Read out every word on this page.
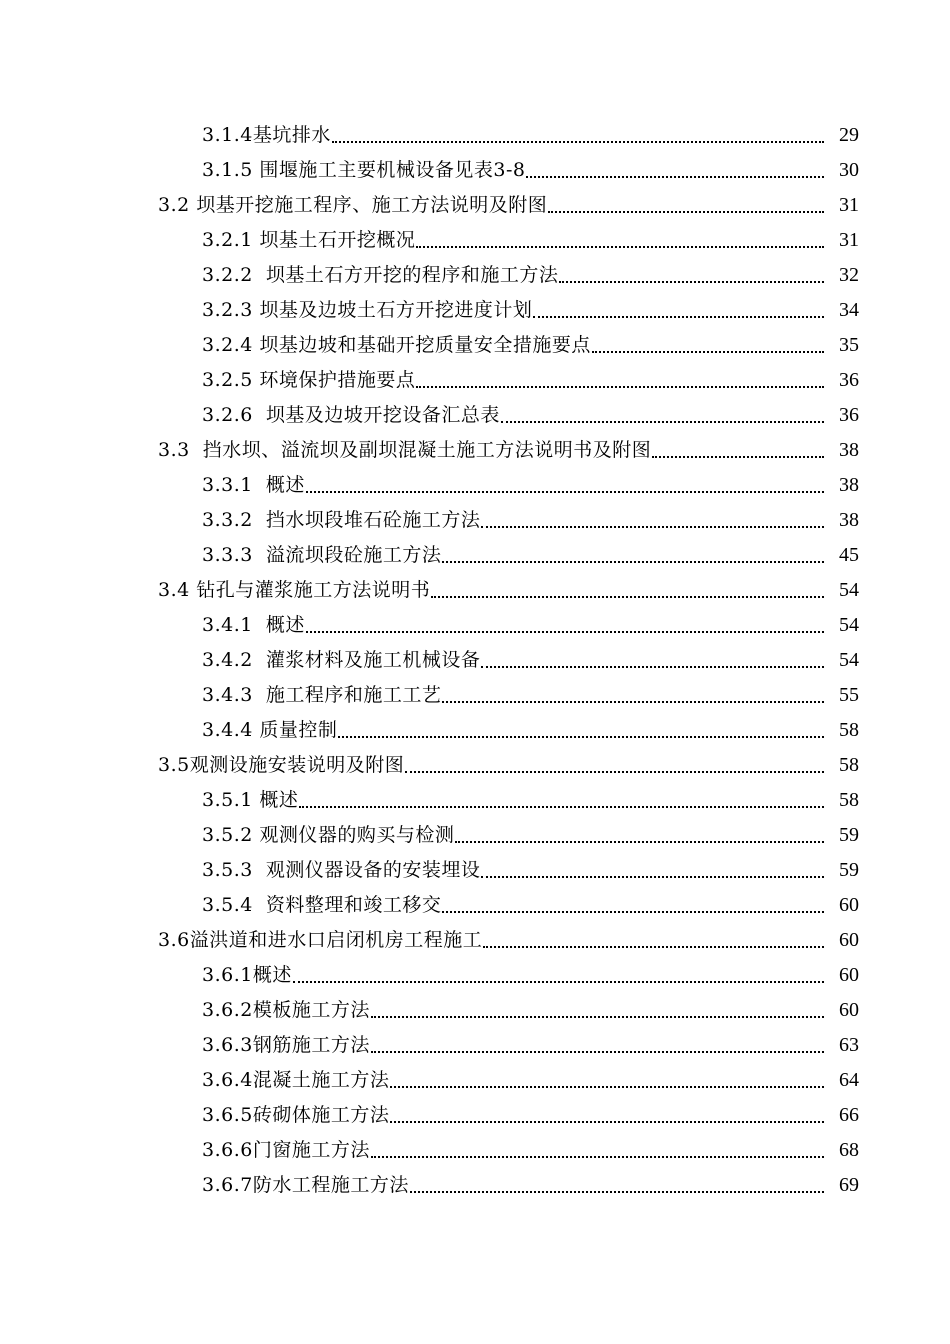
3.1.4基坑排水	29
3.1.5 围堰施工主要机械设备见表3-8	30
3.2 坝基开挖施工程序、施工方法说明及附图	31
3.2.1 坝基土石开挖概况	31
3.2.2  坝基土石方开挖的程序和施工方法	32
3.2.3 坝基及边坡土石方开挖进度计划	34
3.2.4 坝基边坡和基础开挖质量安全措施要点	35
3.2.5 环境保护措施要点	36
3.2.6  坝基及边坡开挖设备汇总表	36
3.3  挡水坝、溢流坝及副坝混凝土施工方法说明书及附图	38
3.3.1  概述	38
3.3.2  挡水坝段堆石砼施工方法	38
3.3.3  溢流坝段砼施工方法	45
3.4 钻孔与灌浆施工方法说明书	54
3.4.1  概述	54
3.4.2  灌浆材料及施工机械设备	54
3.4.3  施工程序和施工工艺	55
3.4.4 质量控制	58
3.5观测设施安装说明及附图	58
3.5.1 概述	58
3.5.2 观测仪器的购买与检测	59
3.5.3  观测仪器设备的安装埋设	59
3.5.4  资料整理和竣工移交	60
3.6溢洪道和进水口启闭机房工程施工	60
3.6.1概述	60
3.6.2模板施工方法	60
3.6.3钢筋施工方法	63
3.6.4混凝土施工方法	64
3.6.5砖砌体施工方法	66
3.6.6门窗施工方法	68
3.6.7防水工程施工方法	69
